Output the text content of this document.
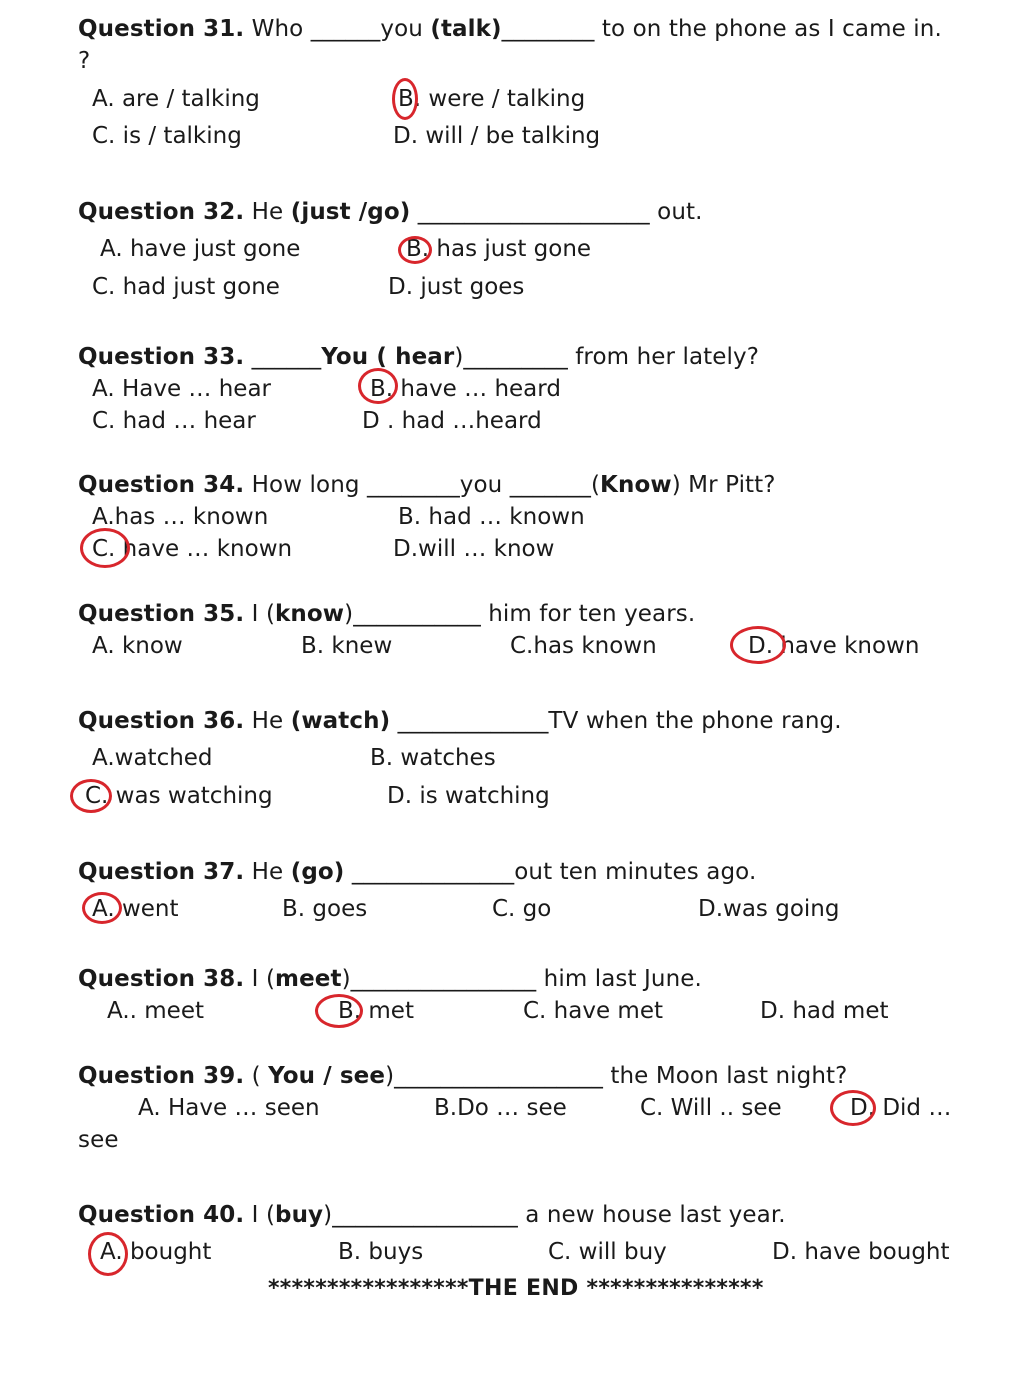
Question 31. Who ______you (talk)________ to on the phone as I came in.
?
A. are / talking	B. were / talking
C. is / talking	D. will / be talking
Question 32. He (just /go) ____________________ out.
A. have just gone	B. has just gone
C. had just gone	D. just goes
Question 33. ______You ( hear)_________ from her lately?
A. Have … hear	B. have … heard
C. had … hear	D . had …heard
Question 34. How long ________you _______(Know) Mr Pitt?
A.has … known	B. had … known
C. have … known	D.will … know
Question 35. I (know)___________ him for ten years.
A. know	B. knew	C.has known	D. have known
Question 36. He (watch) _____________TV when the phone rang.
A.watched	B. watches
C. was watching	D. is watching
Question 37. He (go) ______________out ten minutes ago.
A. went	B. goes	C. go	D.was going
Question 38. I (meet)________________ him last June.
A.. meet	B. met	C. have met	D. had met
Question 39. ( You / see)__________________ the Moon last night?
A. Have … seen	B.Do … see	C. Will .. see	D. Did …
see
Question 40. I (buy)________________ a new house last year.
A. bought	B. buys	C. will buy	D. have bought
*****************THE END ***************
